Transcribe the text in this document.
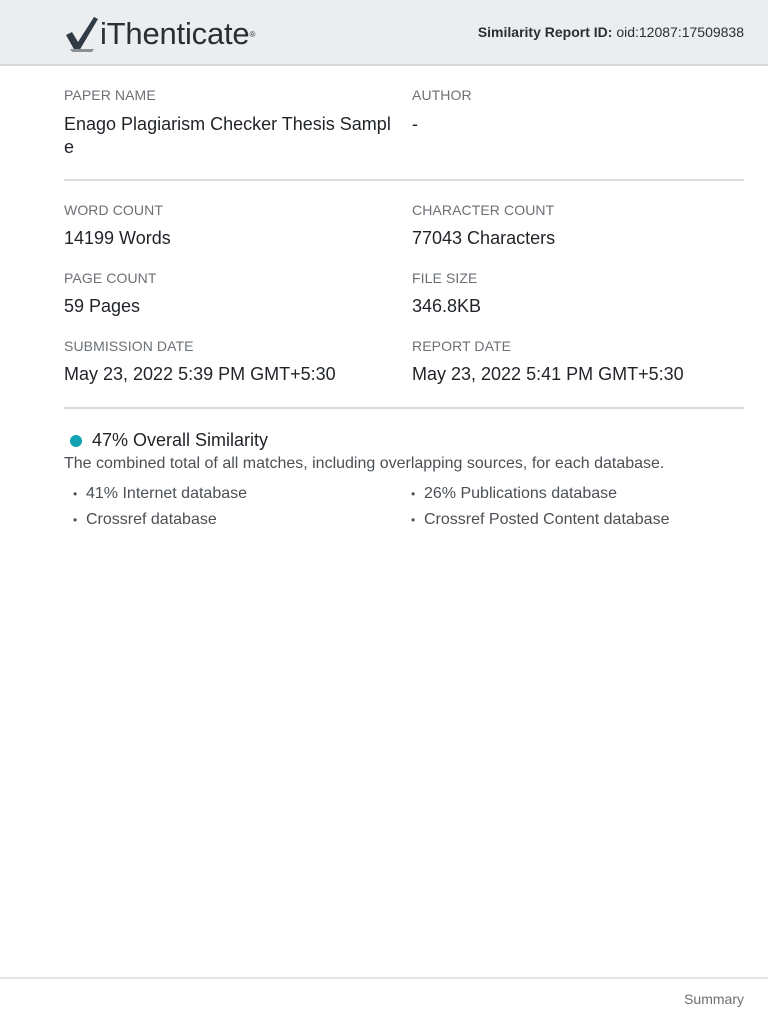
iThenticate ®	Similarity Report ID: oid:12087:17509838
PAPER NAME
Enago Plagiarism Checker Thesis Sampl e
AUTHOR
-
WORD COUNT
14199 Words
CHARACTER COUNT
77043 Characters
PAGE COUNT
59 Pages
FILE SIZE
346.8KB
SUBMISSION DATE
May 23, 2022 5:39 PM GMT+5:30
REPORT DATE
May 23, 2022 5:41 PM GMT+5:30
47% Overall Similarity
The combined total of all matches, including overlapping sources, for each database.
• 41% Internet database
• Crossref database
• 26% Publications database
• Crossref Posted Content database
Summary
